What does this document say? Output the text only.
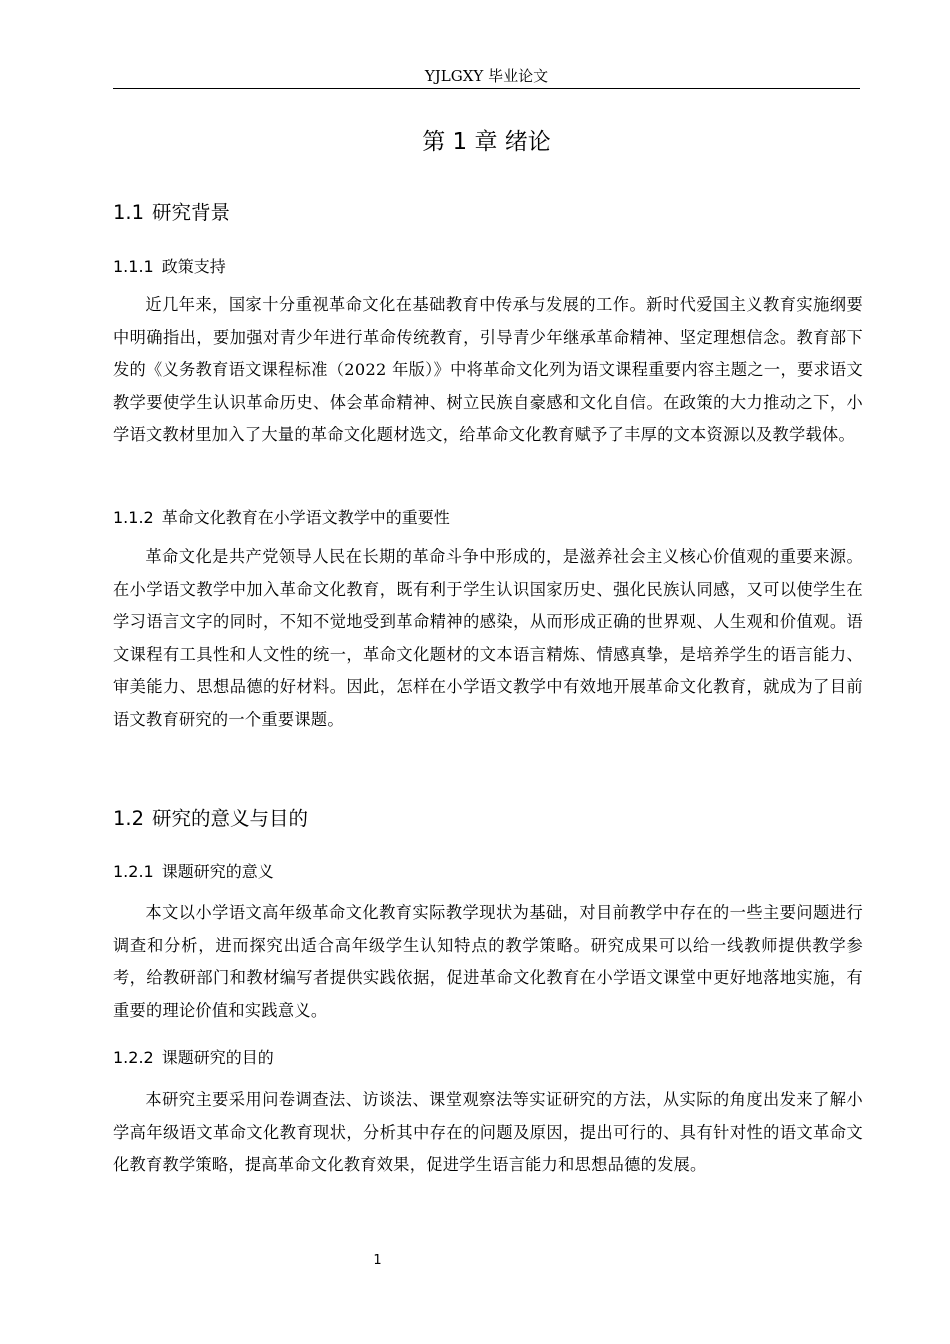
YJLGXY 毕业论文
第 1 章 绪论
1.1 研究背景
1.1.1 政策支持
近几年来，国家十分重视革命文化在基础教育中传承与发展的工作。新时代爱国主义教育实施纲要中明确指出，要加强对青少年进行革命传统教育，引导青少年继承革命精神、坚定理想信念。教育部下发的《义务教育语文课程标准（2022 年版）》中将革命文化列为语文课程重要内容主题之一，要求语文教学要使学生认识革命历史、体会革命精神、树立民族自豪感和文化自信。在政策的大力推动之下，小学语文教材里加入了大量的革命文化题材选文，给革命文化教育赋予了丰厚的文本资源以及教学载体。
1.1.2 革命文化教育在小学语文教学中的重要性
革命文化是共产党领导人民在长期的革命斗争中形成的，是滋养社会主义核心价值观的重要来源。在小学语文教学中加入革命文化教育，既有利于学生认识国家历史、强化民族认同感，又可以使学生在学习语言文字的同时，不知不觉地受到革命精神的感染，从而形成正确的世界观、人生观和价值观。语文课程有工具性和人文性的统一，革命文化题材的文本语言精炼、情感真挚，是培养学生的语言能力、审美能力、思想品德的好材料。因此，怎样在小学语文教学中有效地开展革命文化教育，就成为了目前语文教育研究的一个重要课题。
1.2 研究的意义与目的
1.2.1 课题研究的意义
本文以小学语文高年级革命文化教育实际教学现状为基础，对目前教学中存在的一些主要问题进行调查和分析，进而探究出适合高年级学生认知特点的教学策略。研究成果可以给一线教师提供教学参考，给教研部门和教材编写者提供实践依据，促进革命文化教育在小学语文课堂中更好地落地实施，有重要的理论价值和实践意义。
1.2.2 课题研究的目的
本研究主要采用问卷调查法、访谈法、课堂观察法等实证研究的方法，从实际的角度出发来了解小学高年级语文革命文化教育现状，分析其中存在的问题及原因，提出可行的、具有针对性的语文革命文化教育教学策略，提高革命文化教育效果，促进学生语言能力和思想品德的发展。
1
